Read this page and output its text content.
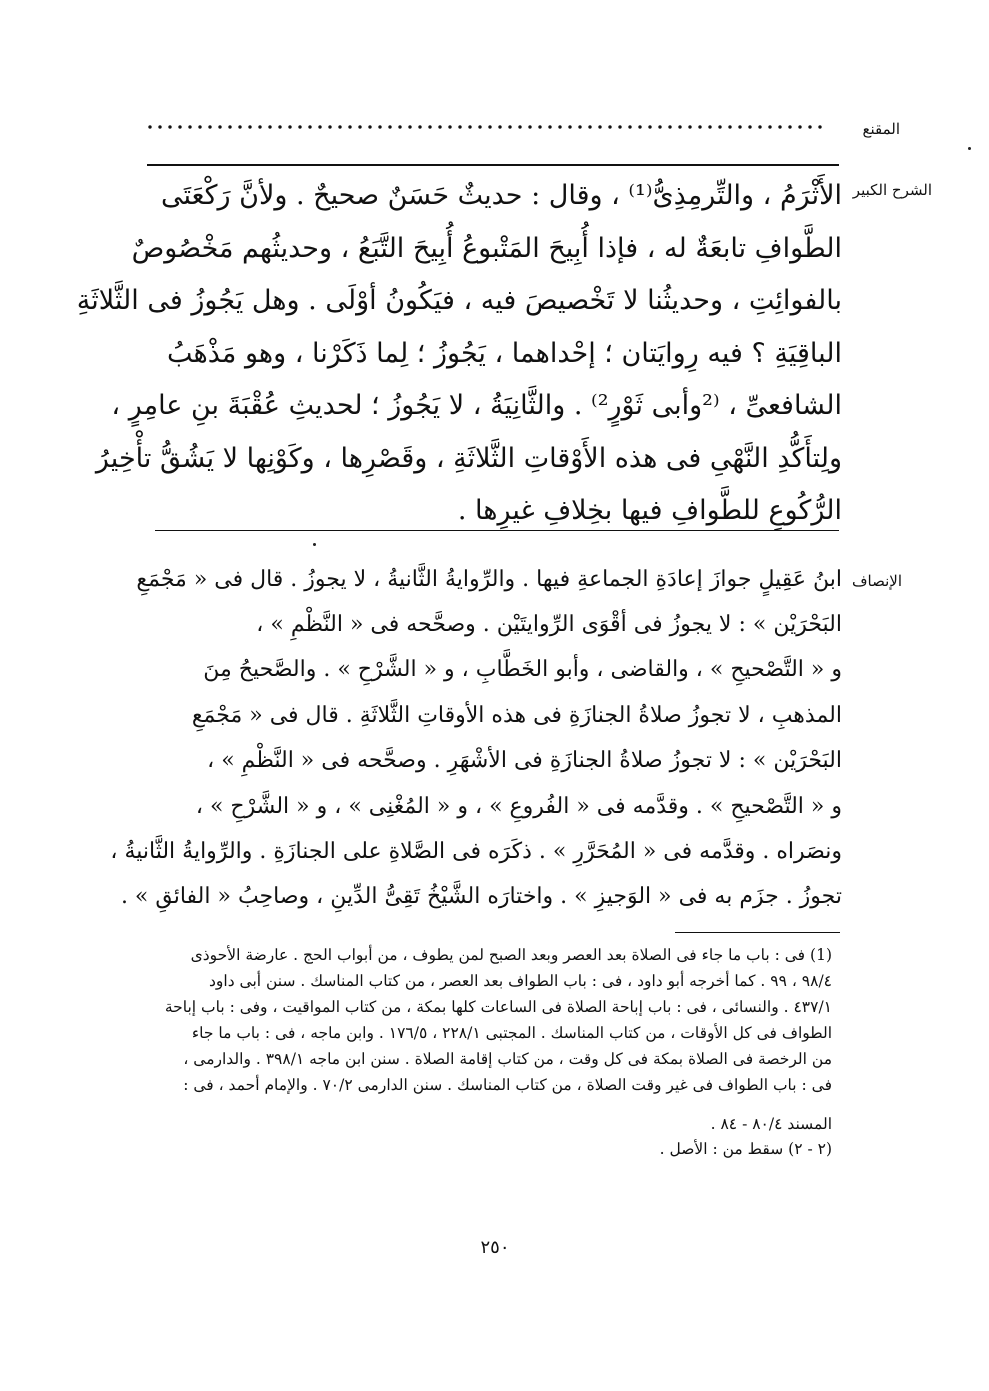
المقنع
الشرح الكبير
الأَثْرَمُ ، والتِّرمِذِىُّ⁽¹⁾ ، وقال : حديثٌ حَسَنٌ صحيحٌ . ولأنَّ رَكْعَتَى
الطَّوافِ تابعَةٌ له ، فإذا أُبِيحَ المَتْبوعُ أُبِيحَ التَّبَعُ ، وحديثُهم مَخْصُوصٌ
بالفوائِتِ ، وحديثُنا لا تَخْصيصَ فيه ، فيَكُونُ أوْلَى . وهل يَجُوزُ فى الثَّلاثَةِ
الباقِيَةِ ؟ فيه رِوايَتان ؛ إحْداهما ، يَجُوزُ ؛ لِما ذَكَرْنا ، وهو مَذْهَبُ
الشافعىِّ ، ⁽²وأبى ثَوْرٍ²⁾ . والثَّانِيَةُ ، لا يَجُوزُ ؛ لحديثِ عُقْبَةَ بنِ عامِرٍ ،
ولِتأَكُّدِ النَّهْىِ فى هذه الأَوْقاتِ الثَّلاثَةِ ، وقَصْرِها ، وكَوْنِها لا يَشُقُّ تأْخِيرُ
الرُّكُوعِ للطَّوافِ فيها بخِلافِ غيرِها .
الإنصاف
ابنُ عَقِيلٍ جوازَ إعادَةِ الجماعةِ فيها . والرِّوايةُ الثَّانيةُ ، لا يجوزُ . قال فى « مَجْمَعِ
البَحْرَيْن » : لا يجوزُ فى أقْوَى الرِّوايتَيْن . وصحَّحه فى « النَّظْمِ » ،
و « التَّصْحيحِ » ، والقاضى ، وأبو الخَطَّابِ ، و « الشَّرْحِ » . والصَّحيحُ مِنَ
المذهبِ ، لا تجوزُ صلاةُ الجنازَةِ فى هذه الأوقاتِ الثَّلاثَةِ . قال فى « مَجْمَعِ
البَحْرَيْن » : لا تجوزُ صلاةُ الجنازَةِ فى الأشْهَرِ . وصحَّحه فى « النَّظْمِ » ،
و « التَّصْحيحِ » . وقدَّمه فى « الفُروعِ » ، و « المُغْنِى » ، و « الشَّرْحِ » ،
ونصَراه . وقدَّمه فى « المُحَرَّرِ » . ذكَرَه فى الصَّلاةِ على الجنازَةِ . والرِّوايةُ الثَّانيةُ ،
تجوزُ . جزَم به فى « الوَجيزِ » . واختارَه الشَّيْخُ تَقِىُّ الدِّينِ ، وصاحِبُ « الفائقِ » .
(1) فى : باب ما جاء فى الصلاة بعد العصر وبعد الصبح لمن يطوف ، من أبواب الحج . عارضة الأحوذى
٩٨/٤ ، ٩٩ . كما أخرجه أبو داود ، فى : باب الطواف بعد العصر ، من كتاب المناسك . سنن أبى داود
٤٣٧/١ . والنسائى ، فى : باب إباحة الصلاة فى الساعات كلها بمكة ، من كتاب المواقيت ، وفى : باب إباحة
الطواف فى كل الأوقات ، من كتاب المناسك . المجتبى ٢٢٨/١ ، ١٧٦/٥ . وابن ماجه ، فى : باب ما جاء
من الرخصة فى الصلاة بمكة فى كل وقت ، من كتاب إقامة الصلاة . سنن ابن ماجه ٣٩٨/١ . والدارمى ،
فى : باب الطواف فى غير وقت الصلاة ، من كتاب المناسك . سنن الدارمى ٧٠/٢ . والإمام أحمد ، فى :
المسند ٨٠/٤ - ٨٤ .
(٢ - ٢) سقط من : الأصل .
٢٥٠
